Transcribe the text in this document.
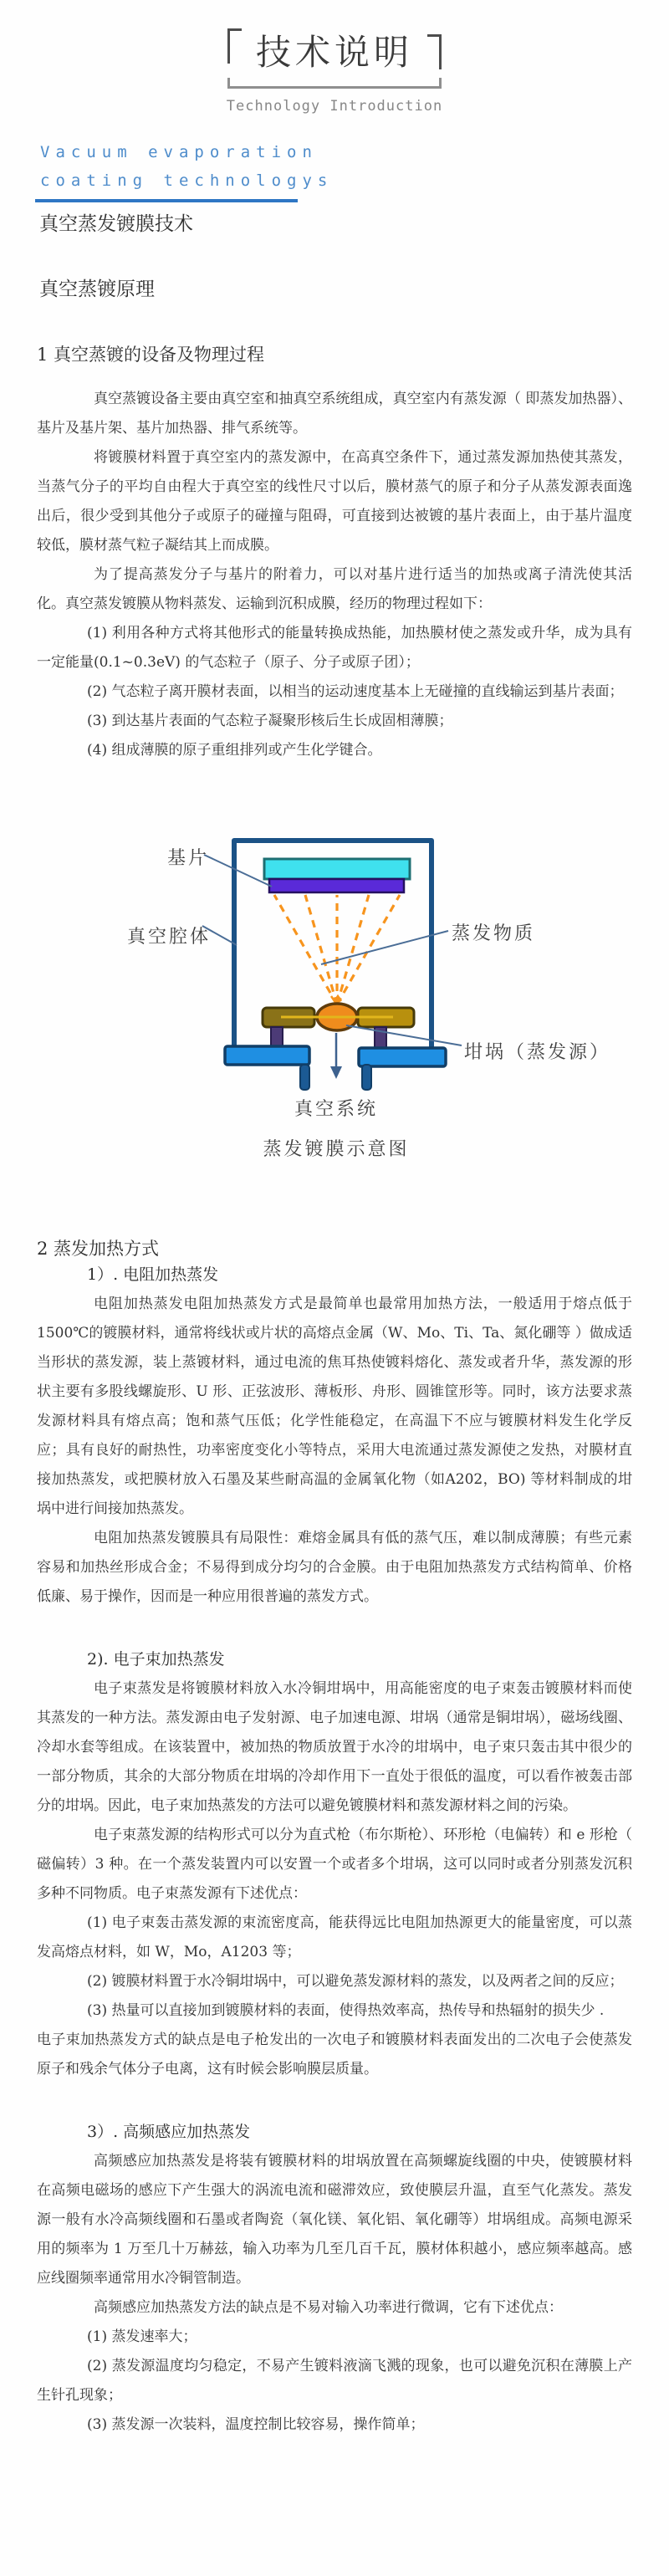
技术说明
Technology Introduction
Vacuum evaporation
coating technologys
真空蒸发镀膜技术
真空蒸镀原理
1 真空蒸镀的设备及物理过程

真空蒸镀设备主要由真空室和抽真空系统组成，真空室内有蒸发源（ 即蒸发加热器）、基片及基片架、基片加热器、排气系统等。

将镀膜材料置于真空室内的蒸发源中，在高真空条件下，通过蒸发源加热使其蒸发，当蒸气分子的平均自由程大于真空室的线性尺寸以后，膜材蒸气的原子和分子从蒸发源表面逸出后，很少受到其他分子或原子的碰撞与阻碍，可直接到达被镀的基片表面上，由于基片温度较低，膜材蒸气粒子凝结其上而成膜。

为了提高蒸发分子与基片的附着力，可以对基片进行适当的加热或离子清洗使其活化。真空蒸发镀膜从物料蒸发、运输到沉积成膜，经历的物理过程如下：

(1) 利用各种方式将其他形式的能量转换成热能，加热膜材使之蒸发或升华，成为具有一定能量(0.1~0.3eV) 的气态粒子（原子、分子或原子团）；

(2) 气态粒子离开膜材表面，以相当的运动速度基本上无碰撞的直线输运到基片表面；

(3) 到达基片表面的气态粒子凝聚形核后生长成固相薄膜；

(4) 组成薄膜的原子重组排列或产生化学键合。

基片
真空腔体	蒸发物质
坩埚（蒸发源）
真空系统
蒸发镀膜示意图
2 蒸发加热方式
1）. 电阻加热蒸发

电阻加热蒸发电阻加热蒸发方式是最简单也最常用加热方法，一般适用于熔点低于 1500℃的镀膜材料，通常将线状或片状的高熔点金属（W、Mo、Ti、Ta、氮化硼等 ）做成适当形状的蒸发源，装上蒸镀材料，通过电流的焦耳热使镀料熔化、蒸发或者升华，蒸发源的形状主要有多股线螺旋形、U 形、正弦波形、薄板形、舟形、圆锥筐形等。同时，该方法要求蒸发源材料具有熔点高；饱和蒸气压低；化学性能稳定，在高温下不应与镀膜材料发生化学反应；具有良好的耐热性，功率密度变化小等特点，采用大电流通过蒸发源使之发热，对膜材直接加热蒸发，或把膜材放入石墨及某些耐高温的金属氧化物（如A202，BO) 等材料制成的坩埚中进行间接加热蒸发。

电阻加热蒸发镀膜具有局限性：难熔金属具有低的蒸气压，难以制成薄膜；有些元素容易和加热丝形成合金；不易得到成分均匀的合金膜。由于电阻加热蒸发方式结构简单、价格低廉、易于操作，因而是一种应用很普遍的蒸发方式。

2). 电子束加热蒸发

电子束蒸发是将镀膜材料放入水冷铜坩埚中，用高能密度的电子束轰击镀膜材料而使其蒸发的一种方法。蒸发源由电子发射源、电子加速电源、坩埚（通常是铜坩埚），磁场线圈、冷却水套等组成。在该装置中，被加热的物质放置于水冷的坩埚中，电子束只轰击其中很少的一部分物质，其余的大部分物质在坩埚的冷却作用下一直处于很低的温度，可以看作被轰击部分的坩埚。因此，电子束加热蒸发的方法可以避免镀膜材料和蒸发源材料之间的污染。

电子束蒸发源的结构形式可以分为直式枪（布尔斯枪）、环形枪（电偏转）和 e 形枪（ 磁偏转）3 种。在一个蒸发装置内可以安置一个或者多个坩埚，这可以同时或者分别蒸发沉积多种不同物质。电子束蒸发源有下述优点：

(1) 电子束轰击蒸发源的束流密度高，能获得远比电阻加热源更大的能量密度，可以蒸发高熔点材料，如 W，Mo，A1203 等；

(2) 镀膜材料置于水冷铜坩埚中，可以避免蒸发源材料的蒸发，以及两者之间的反应；

(3) 热量可以直接加到镀膜材料的表面，使得热效率高，热传导和热辐射的损失少 .

电子束加热蒸发方式的缺点是电子枪发出的一次电子和镀膜材料表面发出的二次电子会使蒸发原子和残余气体分子电离，这有时候会影响膜层质量。

3）. 高频感应加热蒸发

高频感应加热蒸发是将装有镀膜材料的坩埚放置在高频螺旋线圈的中央，使镀膜材料在高频电磁场的感应下产生强大的涡流电流和磁滞效应，致使膜层升温，直至气化蒸发。蒸发源一般有水冷高频线圈和石墨或者陶瓷（氧化镁、氧化铝、氧化硼等）坩埚组成。高频电源采用的频率为 1 万至几十万赫兹，输入功率为几至几百千瓦，膜材体积越小，感应频率越高。感应线圈频率通常用水冷铜管制造。

高频感应加热蒸发方法的缺点是不易对输入功率进行微调，它有下述优点：

(1) 蒸发速率大；

(2) 蒸发源温度均匀稳定，不易产生镀料液滴飞溅的现象，也可以避免沉积在薄膜上产生针孔现象；

(3) 蒸发源一次装料，温度控制比较容易，操作简单；
